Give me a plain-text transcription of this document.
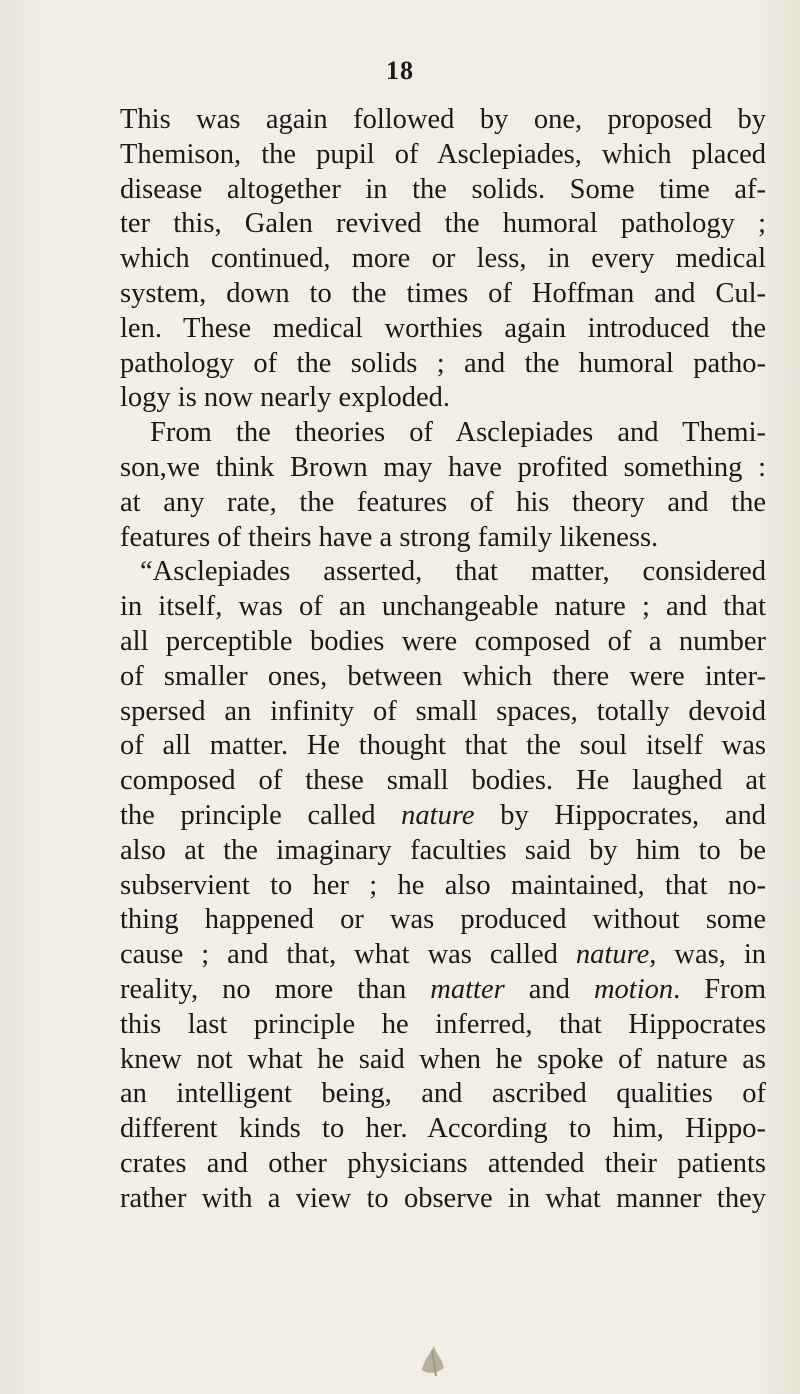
18
This was again followed by one, proposed by
Themison, the pupil of Asclepiades, which placed
disease altogether in the solids. Some time af-
ter this, Galen revived the humoral pathology ;
which continued, more or less, in every medical
system, down to the times of Hoffman and Cul-
len. These medical worthies again introduced the
pathology of the solids ; and the humoral patho-
logy is now nearly exploded.
From the theories of Asclepiades and Themi-
son,we think Brown may have profited something :
at any rate, the features of his theory and the
features of theirs have a strong family likeness.
“Asclepiades asserted, that matter, considered
in itself, was of an unchangeable nature ; and that
all perceptible bodies were composed of a number
of smaller ones, between which there were inter-
spersed an infinity of small spaces, totally devoid
of all matter. He thought that the soul itself was
composed of these small bodies. He laughed at
the principle called nature by Hippocrates, and
also at the imaginary faculties said by him to be
subservient to her ; he also maintained, that no-
thing happened or was produced without some
cause ; and that, what was called nature, was, in
reality, no more than matter and motion. From
this last principle he inferred, that Hippocrates
knew not what he said when he spoke of nature as
an intelligent being, and ascribed qualities of
different kinds to her. According to him, Hippo-
crates and other physicians attended their patients
rather with a view to observe in what manner they
